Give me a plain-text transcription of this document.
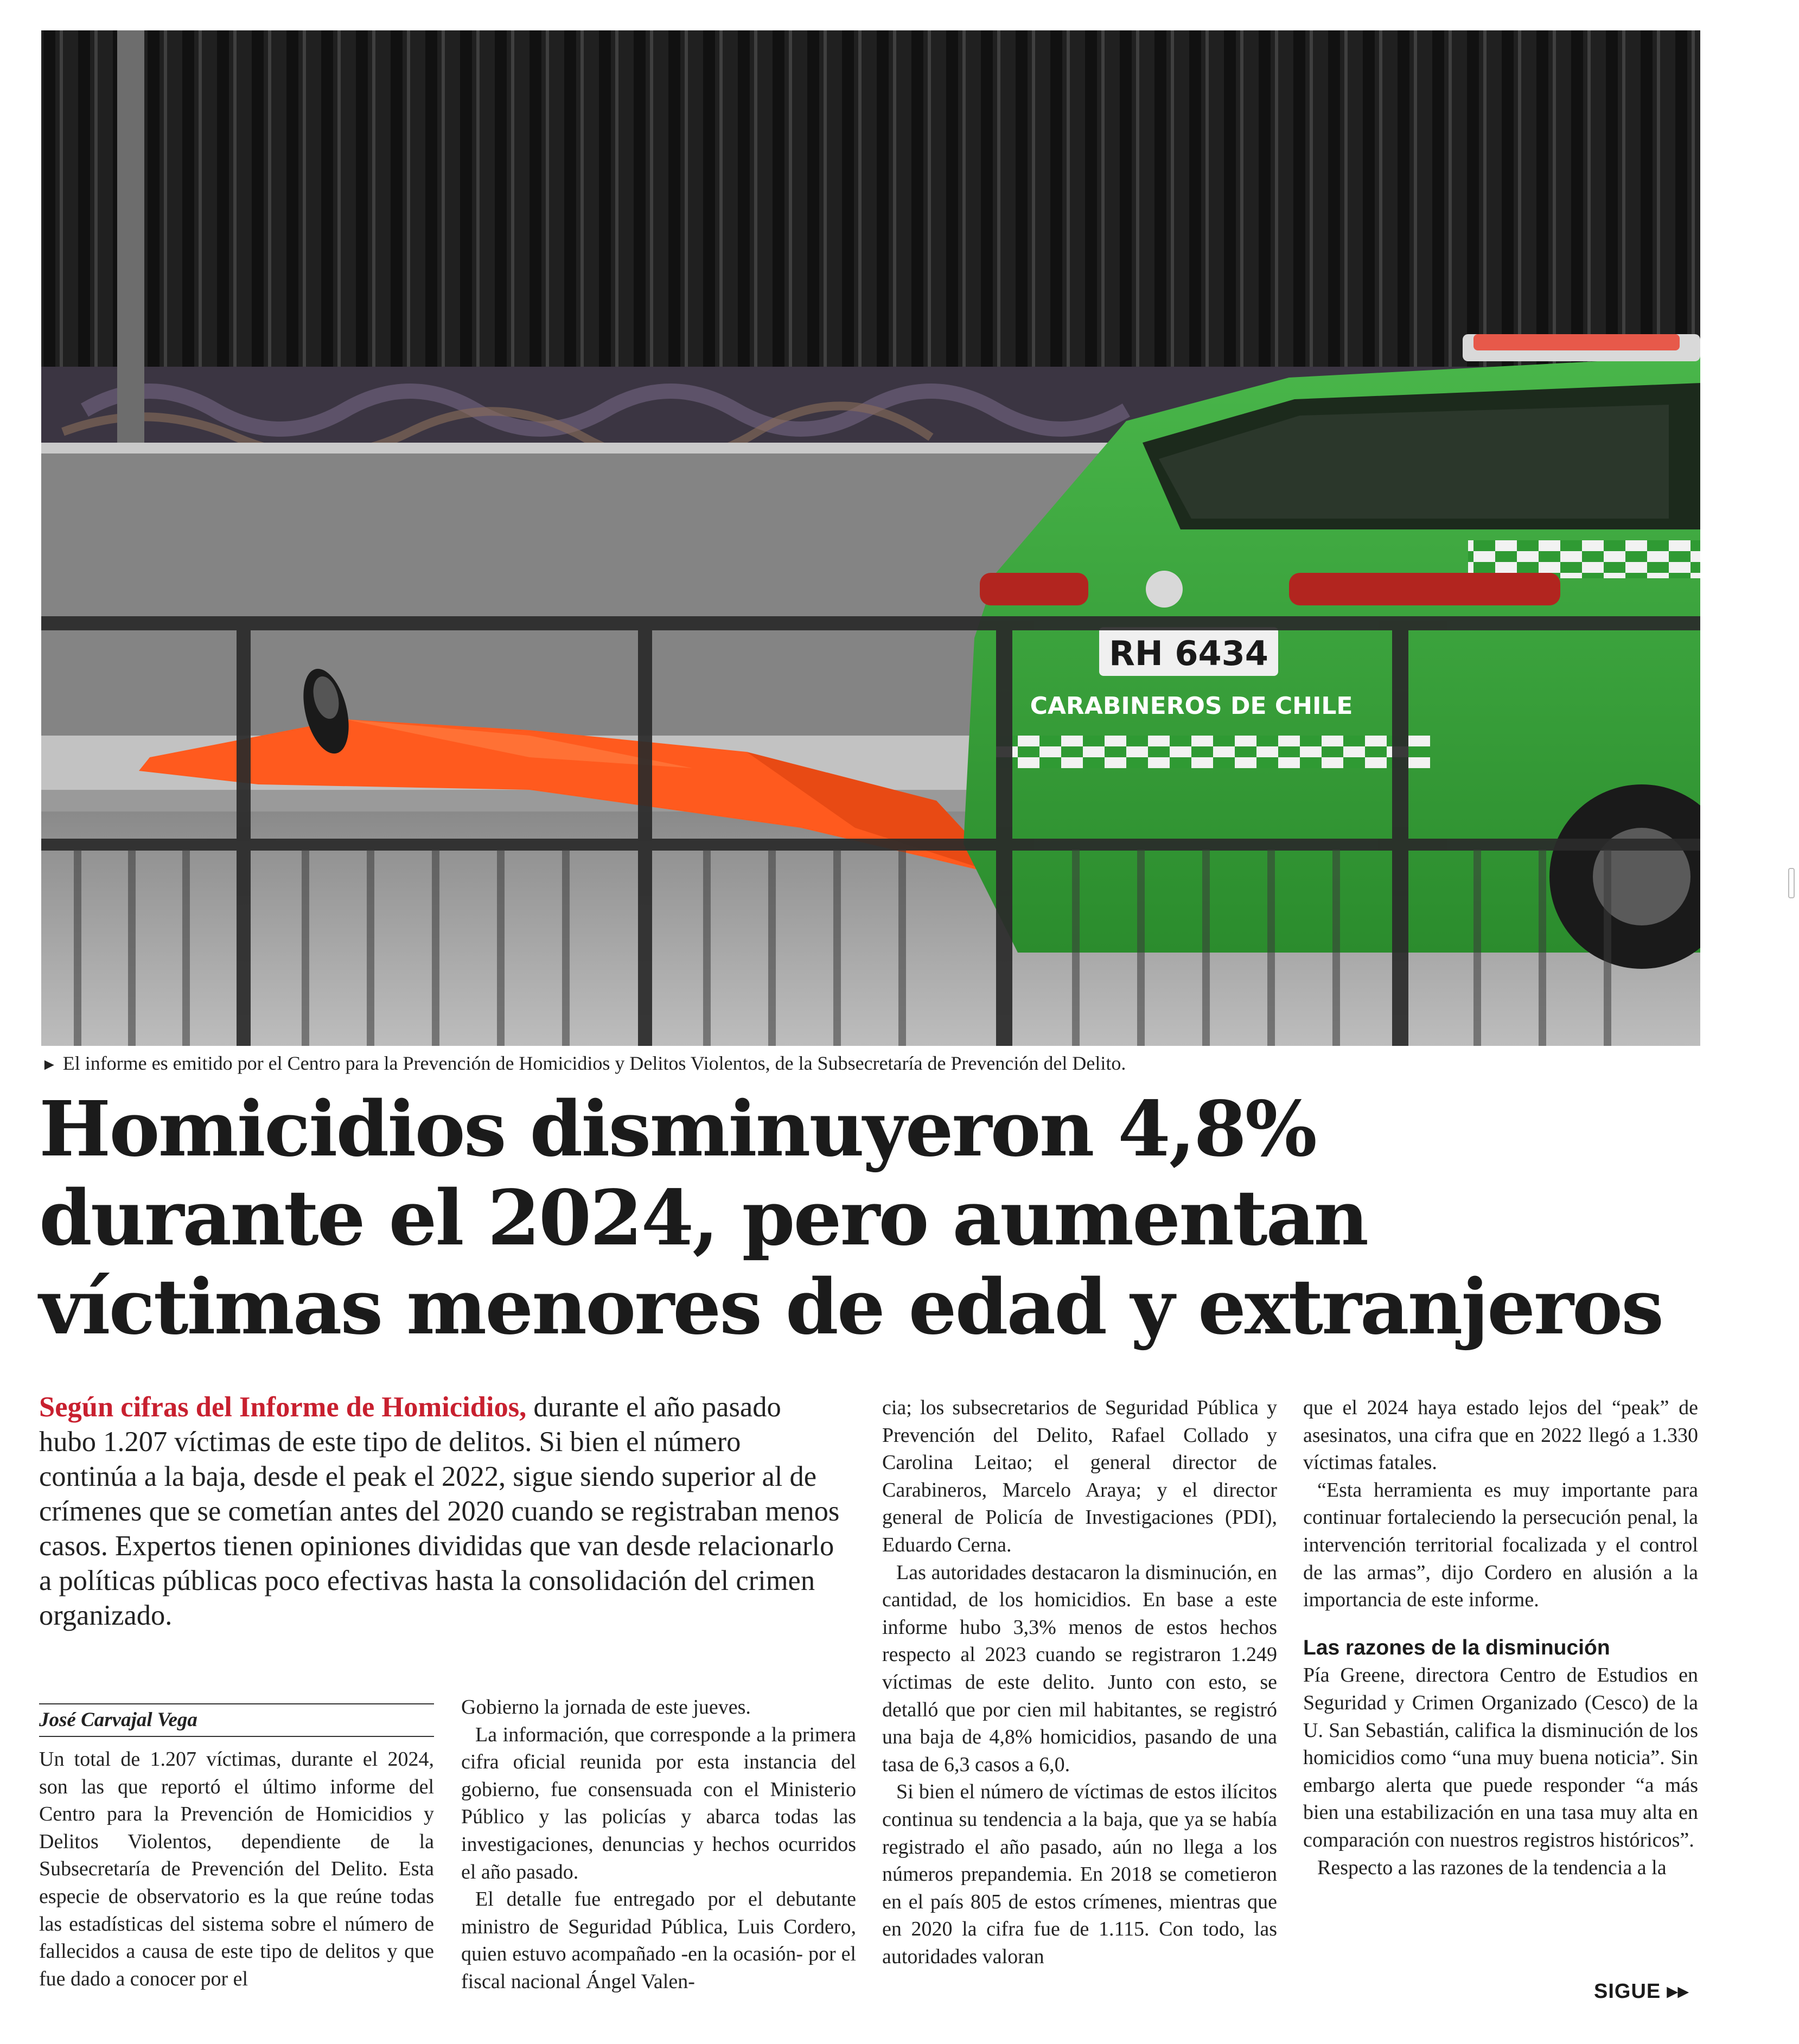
RH 6434
CARABINEROS DE CHILE
► El informe es emitido por el Centro para la Prevención de Homicidios y Delitos Violentos, de la Subsecretaría de Prevención del Delito.
Homicidios disminuyeron 4,8%
durante el 2024, pero aumentan
víctimas menores de edad y extranjeros
Según cifras del Informe de Homicidios, durante el año pasado hubo 1.207 víctimas de este tipo de delitos. Si bien el número continúa a la baja, desde el peak el 2022, sigue siendo superior al de crímenes que se cometían antes del 2020 cuando se registraban menos casos. Expertos tienen opiniones divididas que van desde relacionarlo a políticas públicas poco efectivas hasta la consolidación del crimen organizado.
José Carvajal Vega

Un total de 1.207 víctimas, durante el 2024, son las que reportó el último informe del Centro para la Prevención de Homicidios y Delitos Violentos, dependiente de la Subsecretaría de Prevención del Delito. Esta especie de observatorio es la que reúne todas las estadísticas del sistema sobre el número de fallecidos a causa de este tipo de delitos y que fue dado a conocer por el

Gobierno la jornada de este jueves.

La información, que corresponde a la primera cifra oficial reunida por esta instancia del gobierno, fue consensuada con el Ministerio Público y las policías y abarca todas las investigaciones, denuncias y hechos ocurridos el año pasado.

El detalle fue entregado por el debutante ministro de Seguridad Pública, Luis Cordero, quien estuvo acompañado -en la ocasión- por el fiscal nacional Ángel Valen-

cia; los subsecretarios de Seguridad Pública y Prevención del Delito, Rafael Collado y Carolina Leitao; el general director de Carabineros, Marcelo Araya; y el director general de Policía de Investigaciones (PDI), Eduardo Cerna.

Las autoridades destacaron la disminución, en cantidad, de los homicidios. En base a este informe hubo 3,3% menos de estos hechos respecto al 2023 cuando se registraron 1.249 víctimas de este delito. Junto con esto, se detalló que por cien mil habitantes, se registró una baja de 4,8% homicidios, pasando de una tasa de 6,3 casos a 6,0.

Si bien el número de víctimas de estos ilícitos continua su tendencia a la baja, que ya se había registrado el año pasado, aún no llega a los números prepandemia. En 2018 se cometieron en el país 805 de estos crímenes, mientras que en 2020 la cifra fue de 1.115. Con todo, las autoridades valoran

que el 2024 haya estado lejos del “peak” de asesinatos, una cifra que en 2022 llegó a 1.330 víctimas fatales.

“Esta herramienta es muy importante para continuar fortaleciendo la persecución penal, la intervención territorial focalizada y el control de las armas”, dijo Cordero en alusión a la importancia de este informe.

Las razones de la disminución

Pía Greene, directora Centro de Estudios en Seguridad y Crimen Organizado (Cesco) de la U. San Sebastián, califica la disminución de los homicidios como “una muy buena noticia”. Sin embargo alerta que puede responder “a más bien una estabilización en una tasa muy alta en comparación con nuestros registros históricos”.

Respecto a las razones de la tendencia a la

SIGUE ▸▸
